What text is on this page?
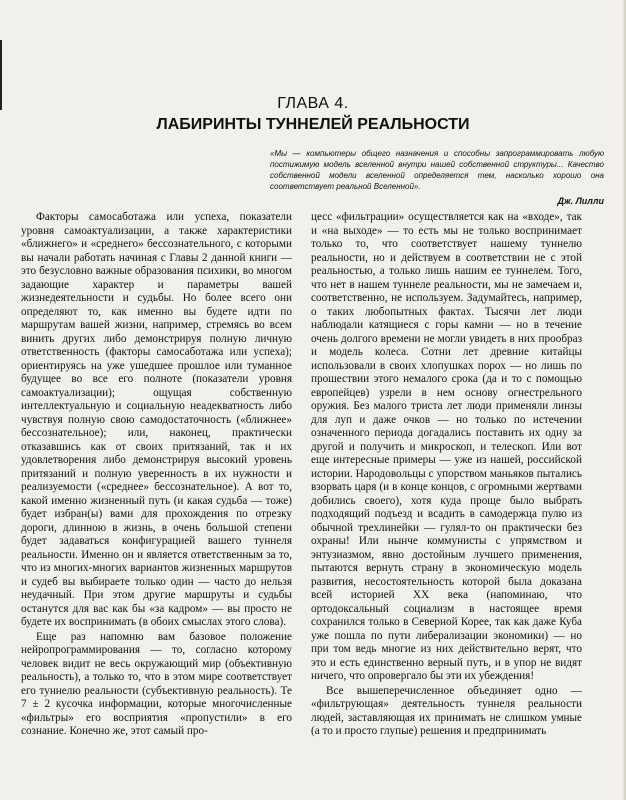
ГЛАВА 4.
ЛАБИРИНТЫ ТУННЕЛЕЙ РЕАЛЬНОСТИ
«Мы — компьютеры общего назначения и способны запрограммировать любую постижимую модель вселенной внутри нашей собственной структуры... Качество собственной модели вселенной определяется тем, насколько хорошо она соответствует реальной Вселенной».
Дж. Лилли

Факторы самосаботажа или успеха, показатели уровня самоактуализации, а также характеристики «ближнего» и «среднего» бессознательного, с которыми вы начали работать начиная с Главы 2 данной книги — это безусловно важные образования психики, во многом задающие характер и параметры вашей жизнедеятельности и судьбы. Но более всего они определяют то, как именно вы будете идти по маршрутам вашей жизни, например, стремясь во всем винить других либо демонстрируя полную личную ответственность (факторы самосаботажа или успеха); ориентируясь на уже ушедшее прошлое или туманное будущее во все его полноте (показатели уровня самоактуализации); ощущая собственную интеллектуальную и социальную неадекватность либо чувствуя полную свою самодостаточность («ближнее» бессознательное); или, наконец, практически отказавшись как от своих притязаний, так и их удовлетворения либо демонстрируя высокий уровень притязаний и полную уверенность в их нужности и реализуемости («среднее» бессознательное). А вот то, какой именно жизненный путь (и какая судьба — тоже) будет избран(ы) вами для прохождения по отрезку дороги, длинною в жизнь, в очень большой степени будет задаваться конфигурацией вашего туннеля реальности. Именно он и является ответственным за то, что из многих-многих вариантов жизненных маршрутов и судеб вы выбираете только один — часто до нельзя неудачный. При этом другие маршруты и судьбы останутся для вас как бы «за кадром» — вы просто не будете их воспринимать (в обоих смыслах этого слова).

Еще раз напомню вам базовое положение нейропрограммирования — то, согласно которому человек видит не весь окружающий мир (объективную реальность), а только то, что в этом мире соответствует его туннелю реальности (субъективную реальность). Те 7 ± 2 кусочка информации, которые многочисленные «фильтры» его восприятия «пропустили» в его сознание. Конечно же, этот самый про-

цесс «фильтрации» осуществляется как на «входе», так и «на выходе» — то есть мы не только воспринимает только то, что соответствует нашему туннелю реальности, но и действуем в соответствии не с этой реальностью, а только лишь нашим ее туннелем. Того, что нет в нашем туннеле реальности, мы не замечаем и, соответственно, не используем. Задумайтесь, например, о таких любопытных фактах. Тысячи лет люди наблюдали катящиеся с горы камни — но в течение очень долгого времени не могли увидеть в них прообраз и модель колеса. Сотни лет древние китайцы использовали в своих хлопушках порох — но лишь по прошествии этого немалого срока (да и то с помощью европейцев) узрели в нем основу огнестрельного оружия. Без малого триста лет люди применяли линзы для луп и даже очков — но только по истечении означенного периода догадались поставить их одну за другой и получить и микроскоп, и телескоп. Или вот еще интересные примеры — уже из нашей, российской истории. Народовольцы с упорством маньяков пытались взорвать царя (и в конце концов, с огромными жертвами добились своего), хотя куда проще было выбрать подходящий подъезд и всадить в самодержца пулю из обычной трехлинейки — гулял-то он практически без охраны! Или нынче коммунисты с упрямством и энтузиазмом, явно достойным лучшего применения, пытаются вернуть страну в экономическую модель развития, несостоятельность которой была доказана всей историей XX века (напоминаю, что ортодоксальный социализм в настоящее время сохранился только в Северной Корее, так как даже Куба уже пошла по пути либерализации экономики) — но при том ведь многие из них действительно верят, что это и есть единственно верный путь, и в упор не видят ничего, что опровергало бы эти их убеждения!

Все вышеперечисленное объединяет одно — «фильтрующая» деятельность туннеля реальности людей, заставляющая их принимать не слишком умные (а то и просто глупые) решения и предпринимать
